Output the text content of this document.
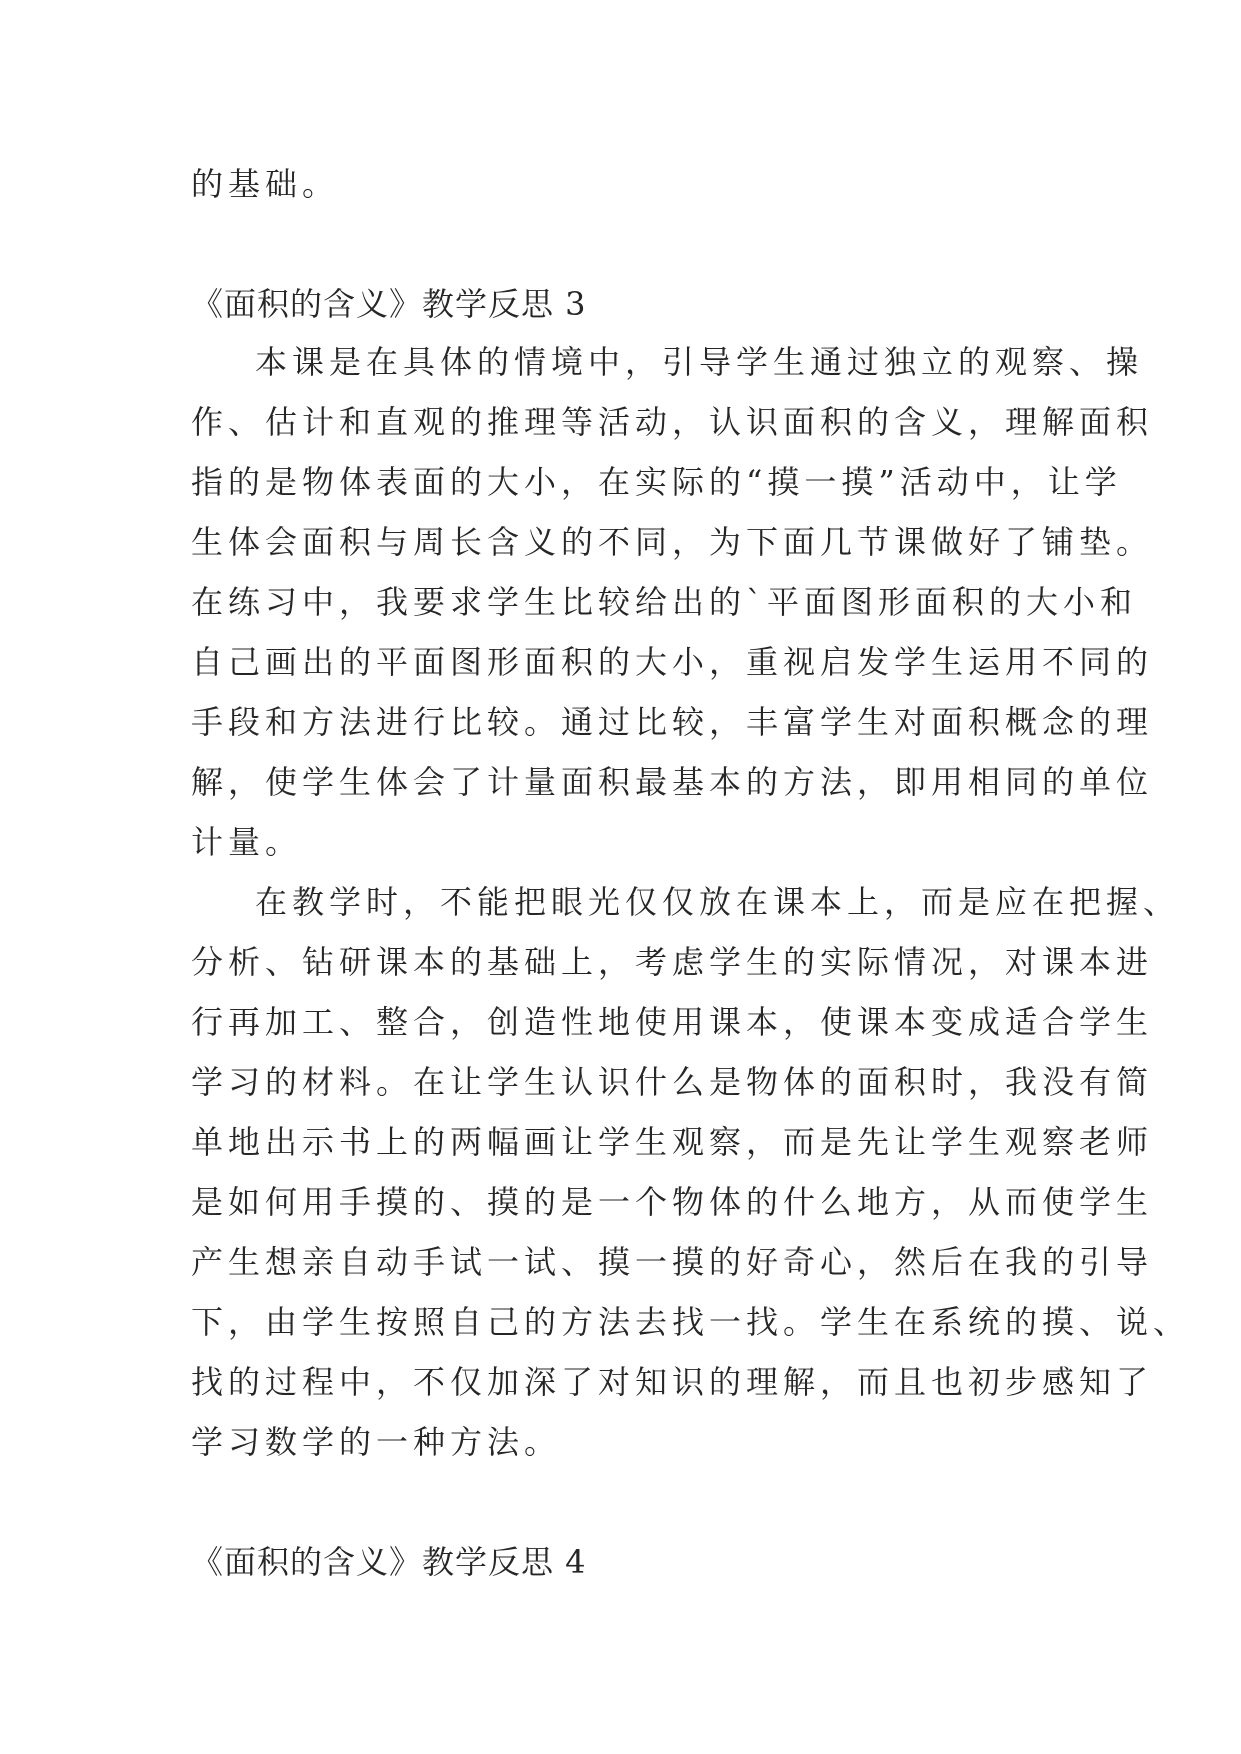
的基础。
《面积的含义》教学反思 3
本课是在具体的情境中，引导学生通过独立的观察、操
作、估计和直观的推理等活动，认识面积的含义，理解面积
指的是物体表面的大小，在实际的“摸一摸”活动中，让学
生体会面积与周长含义的不同，为下面几节课做好了铺垫。
在练习中，我要求学生比较给出的`平面图形面积的大小和
自己画出的平面图形面积的大小，重视启发学生运用不同的
手段和方法进行比较。通过比较，丰富学生对面积概念的理
解，使学生体会了计量面积最基本的方法，即用相同的单位
计量。
在教学时，不能把眼光仅仅放在课本上，而是应在把握、
分析、钻研课本的基础上，考虑学生的实际情况，对课本进
行再加工、整合，创造性地使用课本，使课本变成适合学生
学习的材料。在让学生认识什么是物体的面积时，我没有简
单地出示书上的两幅画让学生观察，而是先让学生观察老师
是如何用手摸的、摸的是一个物体的什么地方，从而使学生
产生想亲自动手试一试、摸一摸的好奇心，然后在我的引导
下，由学生按照自己的方法去找一找。学生在系统的摸、说、
找的过程中，不仅加深了对知识的理解，而且也初步感知了
学习数学的一种方法。
《面积的含义》教学反思 4
